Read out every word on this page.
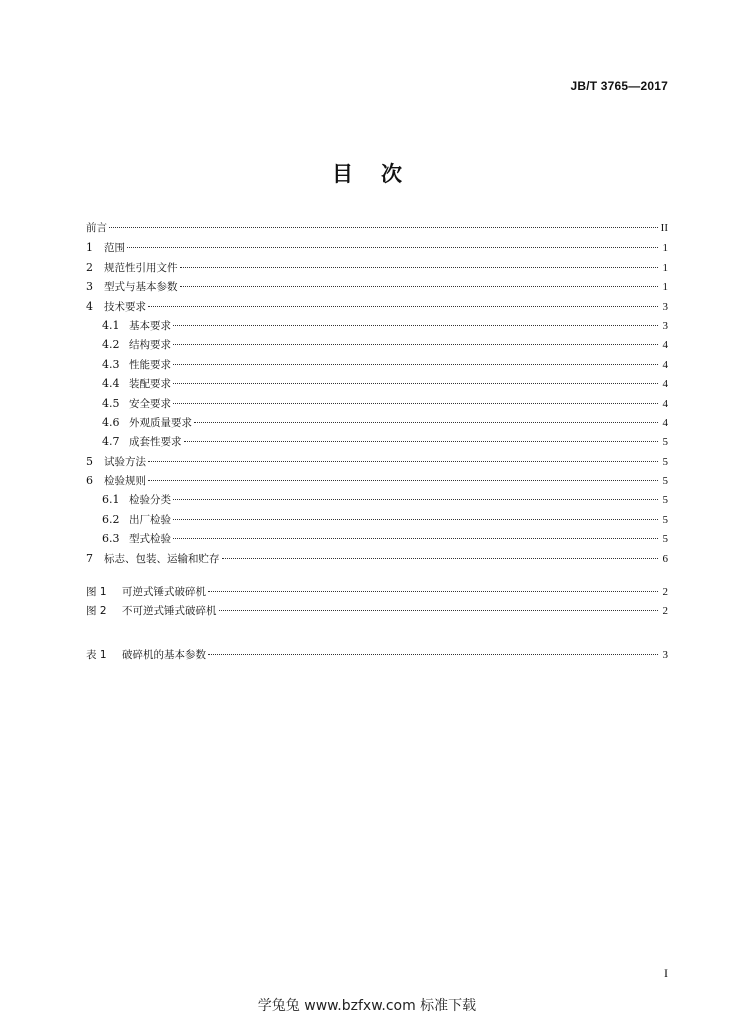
JB/T 3765—2017
目 次
前言	II
1	范围	1
2	规范性引用文件	1
3	型式与基本参数	1
4	技术要求	3
4.1 基本要求	3
4.2 结构要求	4
4.3 性能要求	4
4.4 装配要求	4
4.5 安全要求	4
4.6 外观质量要求	4
4.7 成套性要求	5
5	试验方法	5
6	检验规则	5
6.1 检验分类	5
6.2 出厂检验	5
6.3 型式检验	5
7	标志、包装、运输和贮存	6
图 1	可逆式锤式破碎机	2
图 2	不可逆式锤式破碎机	2
表 1	破碎机的基本参数	3
I
学兔兔 www.bzfxw.com 标准下载
